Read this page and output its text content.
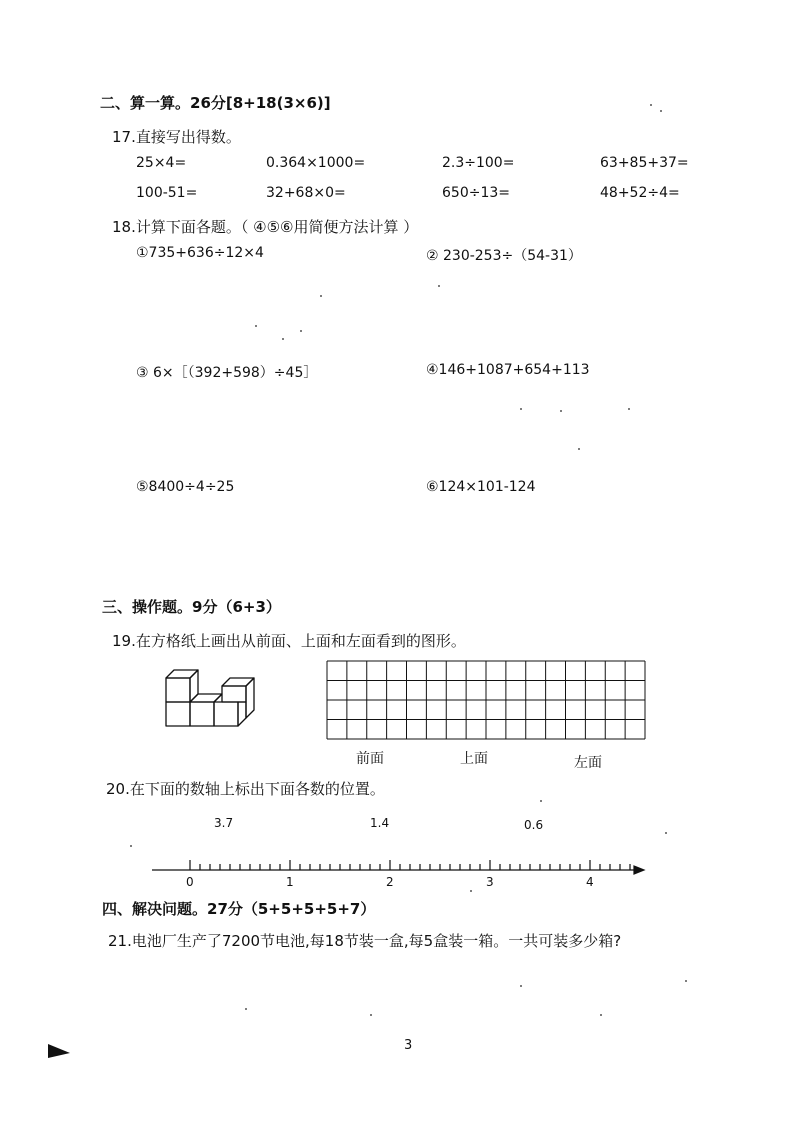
二、算一算。26分[8+18(3×6)]
17.直接写出得数。
25×4=	0.364×1000=	2.3÷100=	63+85+37=
100-51=	32+68×0=	650÷13=	48+52÷4=
18.计算下面各题。（ ④⑤⑥用简便方法计算 ）
①735+636÷12×4	② 230-253÷（54-31）
③ 6×［（392+598）÷45］	④146+1087+654+113
⑤8400÷4÷25	⑥124×101-124
三、操作题。9分（6+3）
19.在方格纸上画出从前面、上面和左面看到的图形。
前面	上面	左面
20.在下面的数轴上标出下面各数的位置。
3.7	1.4	0.6
0	1	2	3	4
四、解决问题。27分（5+5+5+5+7）
21.电池厂生产了7200节电池,每18节装一盒,每5盒装一箱。一共可装多少箱?
3
